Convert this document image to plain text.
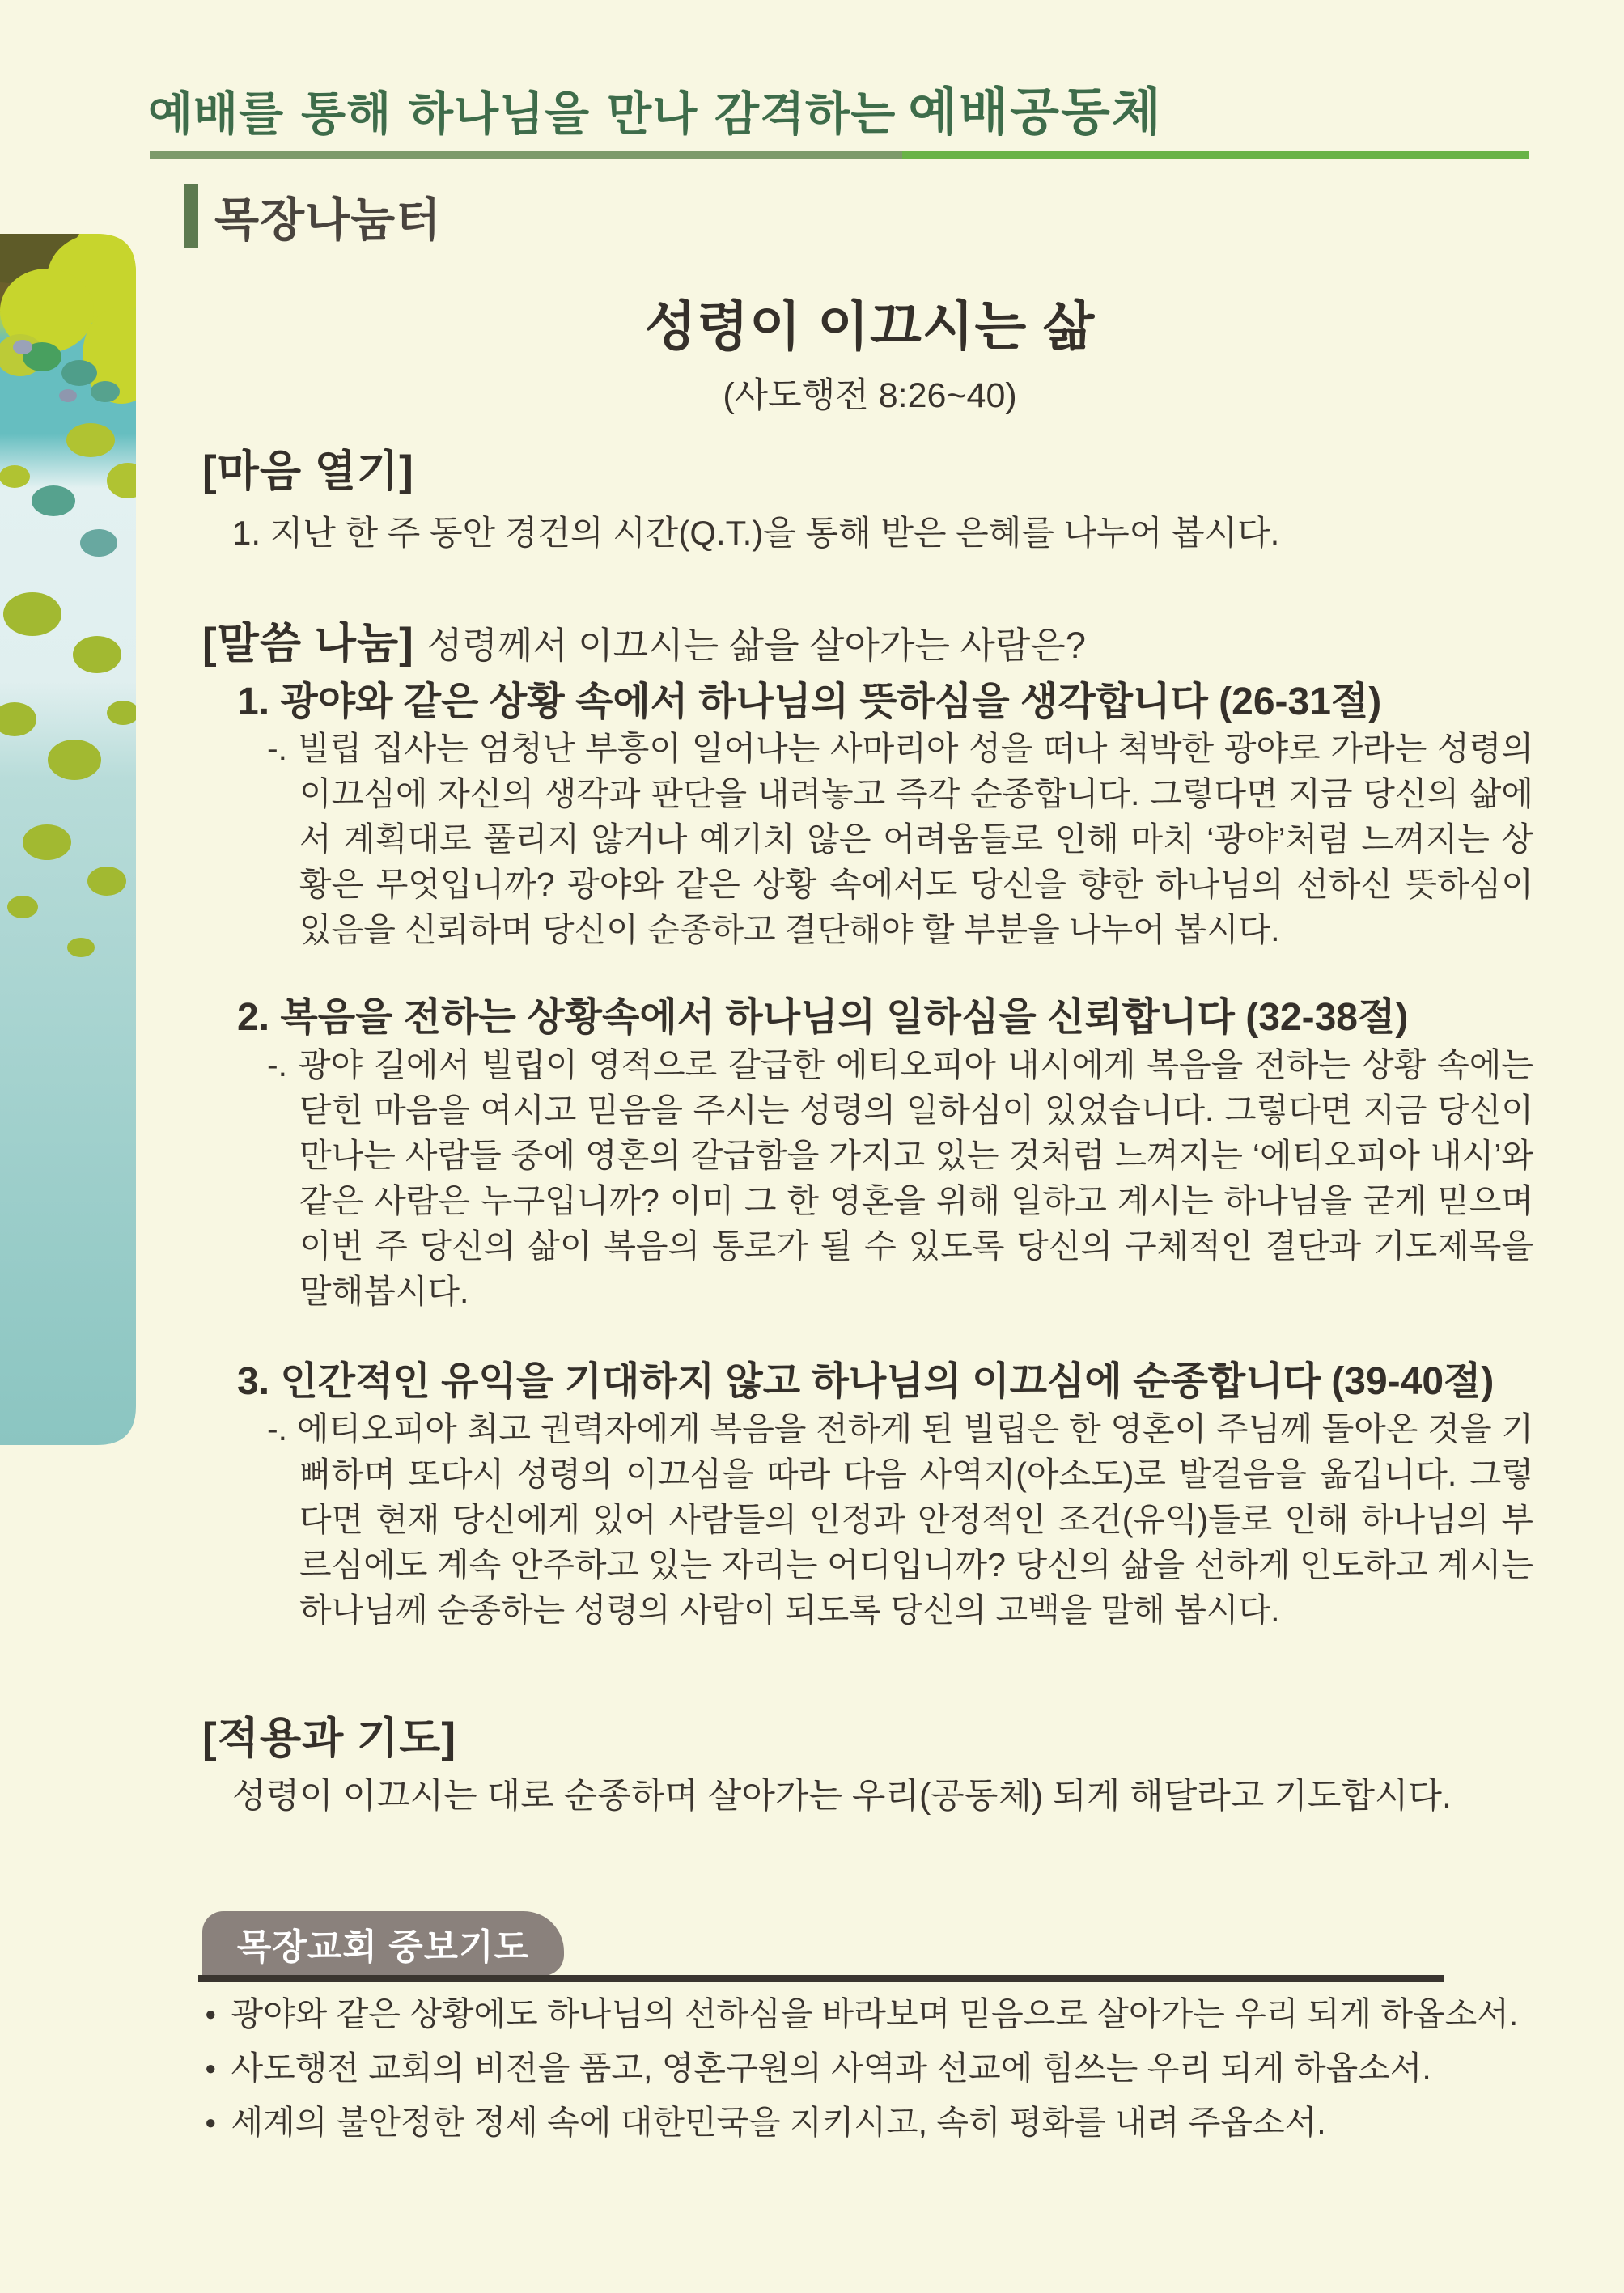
예배를 통해 하나님을 만나 감격하는 예배공동체
목장나눔터
성령이 이끄시는 삶
(사도행전 8:26~40)
[마음 열기]
1. 지난 한 주 동안 경건의 시간(Q.T.)을 통해 받은 은혜를 나누어 봅시다.
[말씀 나눔] 성령께서 이끄시는 삶을 살아가는 사람은?
1. 광야와 같은 상황 속에서 하나님의 뜻하심을 생각합니다 (26-31절)
-. 빌립 집사는 엄청난 부흥이 일어나는 사마리아 성을 떠나 척박한 광야로 가라는 성령의 이끄심에 자신의 생각과 판단을 내려놓고 즉각 순종합니다. 그렇다면 지금 당신의 삶에서 계획대로 풀리지 않거나 예기치 않은 어려움들로 인해 마치 ‘광야’처럼 느껴지는 상황은 무엇입니까? 광야와 같은 상황 속에서도 당신을 향한 하나님의 선하신 뜻하심이 있음을 신뢰하며 당신이 순종하고 결단해야 할 부분을 나누어 봅시다.
2. 복음을 전하는 상황속에서 하나님의 일하심을 신뢰합니다 (32-38절)
-. 광야 길에서 빌립이 영적으로 갈급한 에티오피아 내시에게 복음을 전하는 상황 속에는 닫힌 마음을 여시고 믿음을 주시는 성령의 일하심이 있었습니다. 그렇다면 지금 당신이 만나는 사람들 중에 영혼의 갈급함을 가지고 있는 것처럼 느껴지는 ‘에티오피아 내시’와 같은 사람은 누구입니까? 이미 그 한 영혼을 위해 일하고 계시는 하나님을 굳게 믿으며 이번 주 당신의 삶이 복음의 통로가 될 수 있도록 당신의 구체적인 결단과 기도제목을 말해봅시다.
3. 인간적인 유익을 기대하지 않고 하나님의 이끄심에 순종합니다 (39-40절)
-. 에티오피아 최고 권력자에게 복음을 전하게 된 빌립은 한 영혼이 주님께 돌아온 것을 기뻐하며 또다시 성령의 이끄심을 따라 다음 사역지(아소도)로 발걸음을 옮깁니다. 그렇다면 현재 당신에게 있어 사람들의 인정과 안정적인 조건(유익)들로 인해 하나님의 부르심에도 계속 안주하고 있는 자리는 어디입니까? 당신의 삶을 선하게 인도하고 계시는 하나님께 순종하는 성령의 사람이 되도록 당신의 고백을 말해 봅시다.
[적용과 기도]
성령이 이끄시는 대로 순종하며 살아가는 우리(공동체) 되게 해달라고 기도합시다.
목장교회 중보기도
● 광야와 같은 상황에도 하나님의 선하심을 바라보며 믿음으로 살아가는 우리 되게 하옵소서.
● 사도행전 교회의 비전을 품고, 영혼구원의 사역과 선교에 힘쓰는 우리 되게 하옵소서.
● 세계의 불안정한 정세 속에 대한민국을 지키시고, 속히 평화를 내려 주옵소서.
